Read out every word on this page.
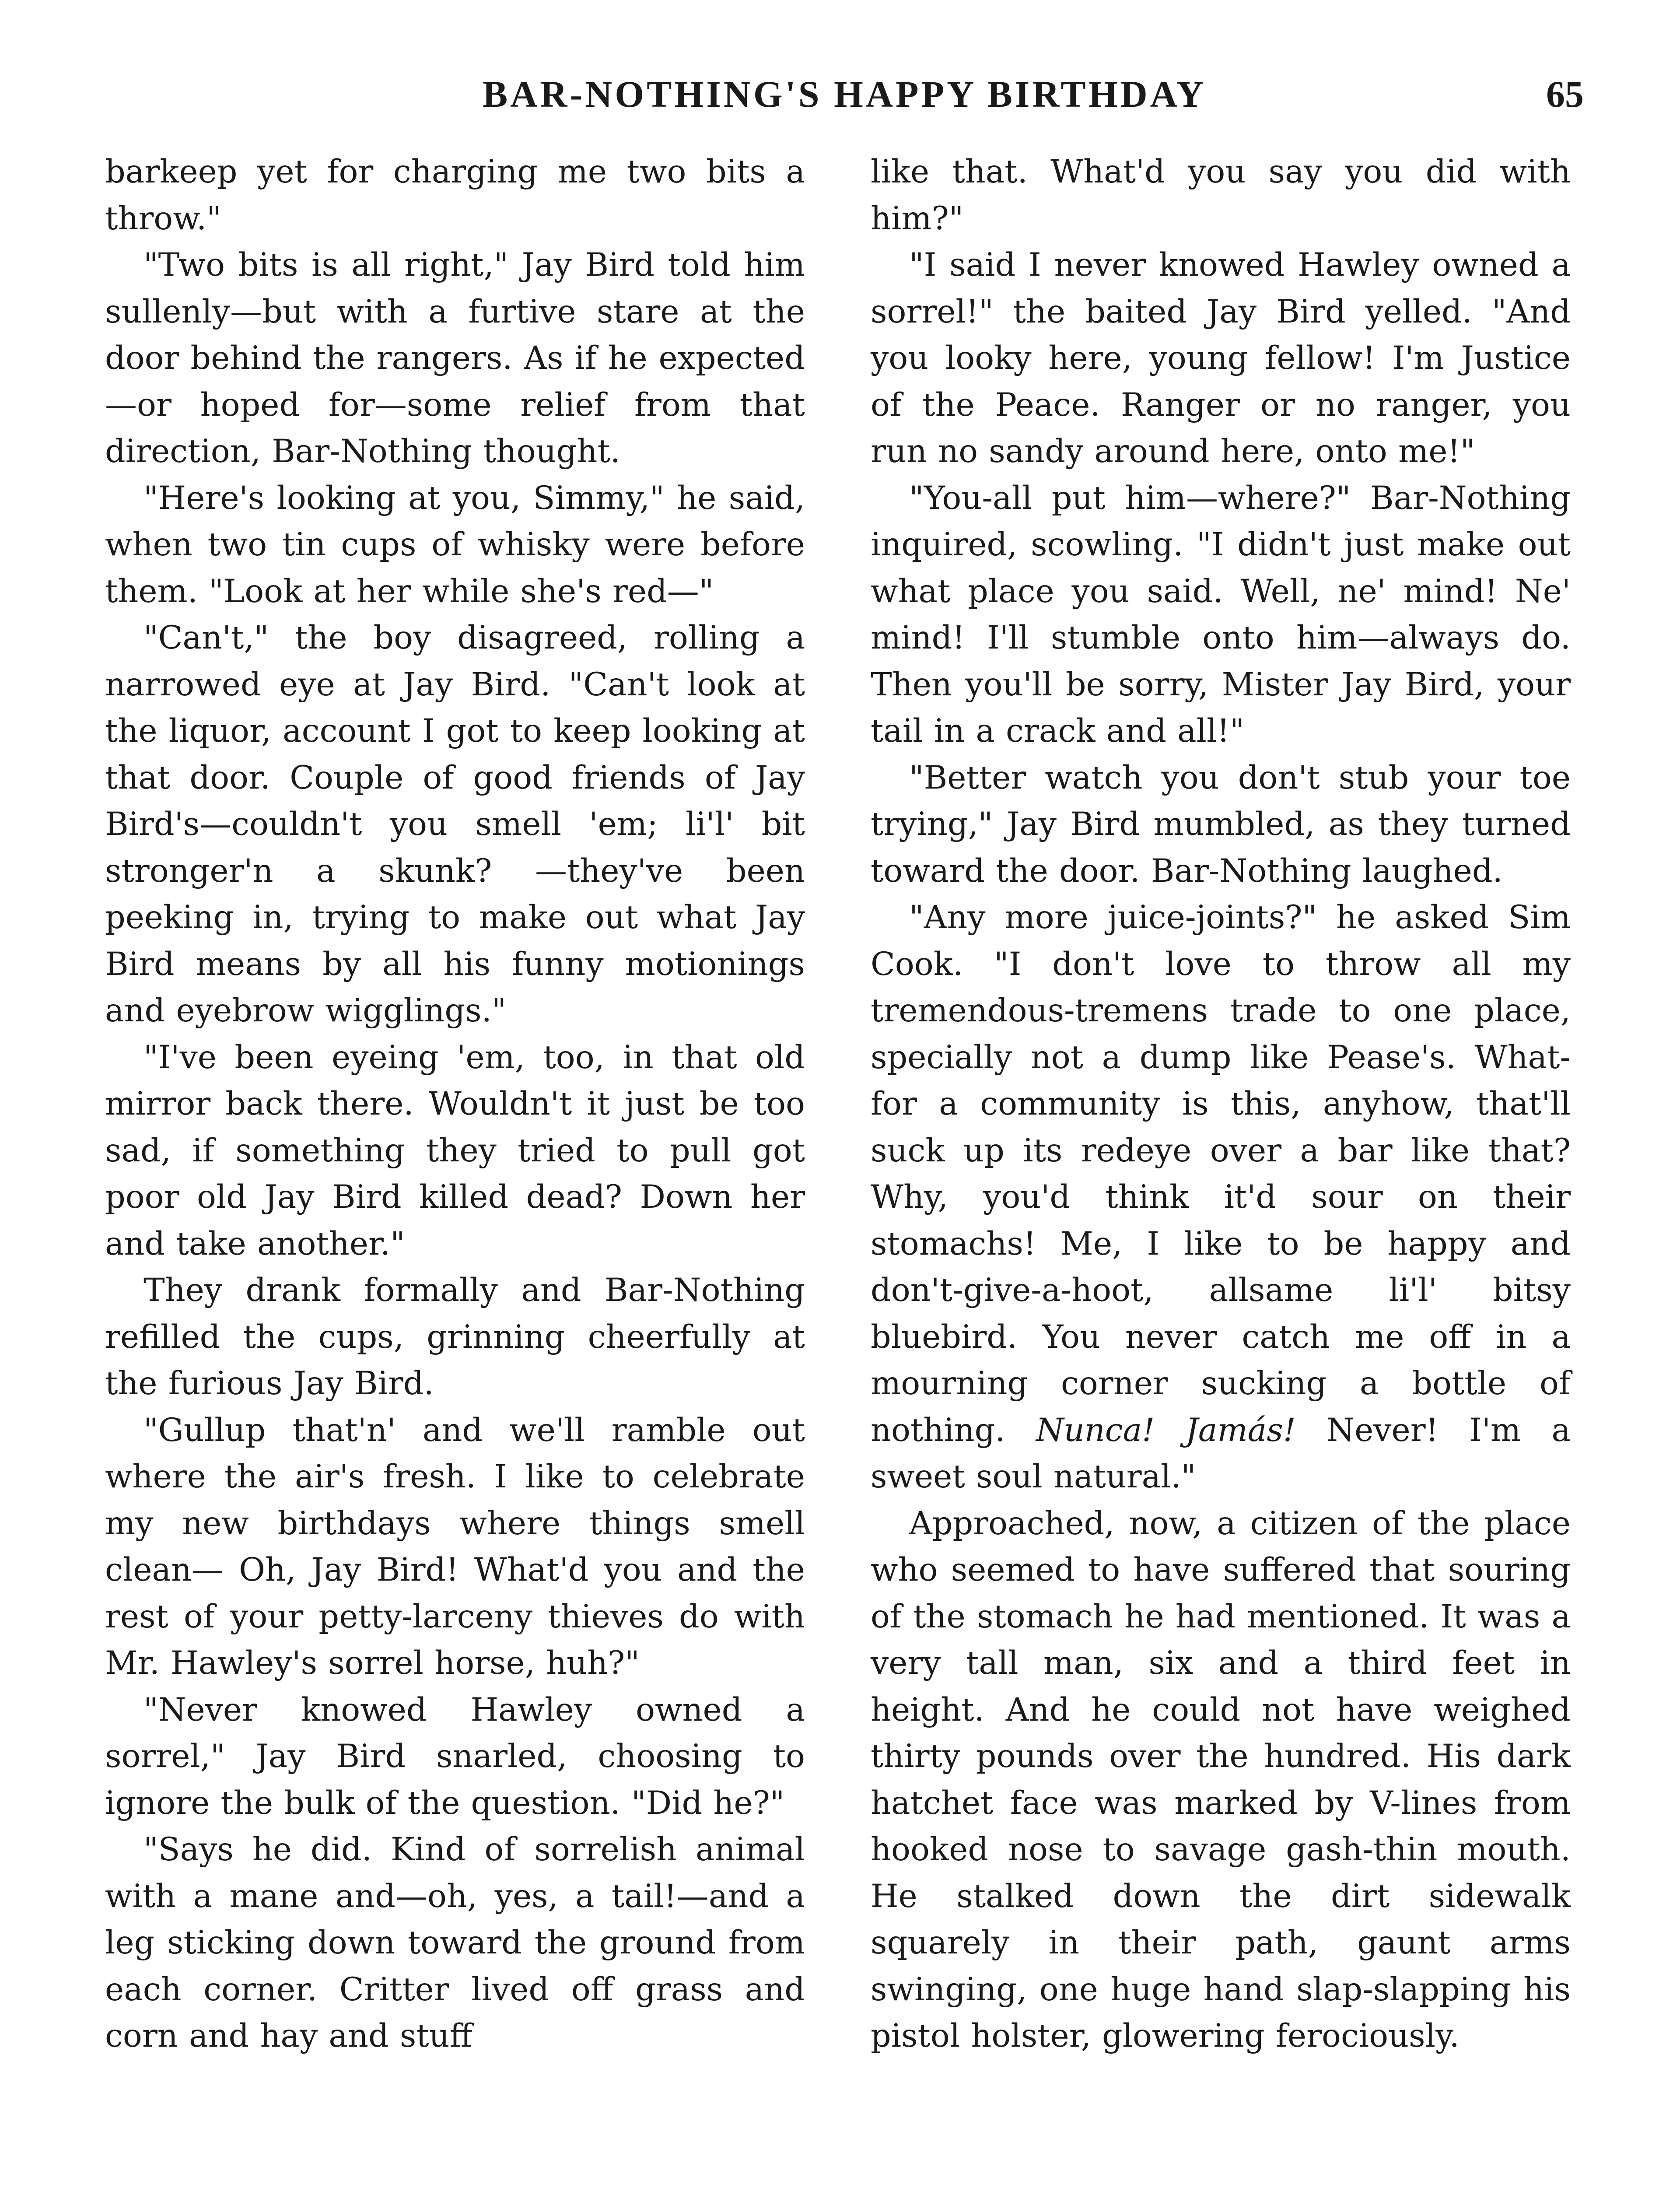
BAR-NOTHING'S HAPPY BIRTHDAY	65

barkeep yet for charging me two bits a throw."

"Two bits is all right," Jay Bird told him sullenly—but with a furtive stare at the door behind the rangers. As if he expected—or hoped for—some relief from that direction, Bar-Nothing thought.

"Here's looking at you, Simmy," he said, when two tin cups of whisky were before them. "Look at her while she's red—"

"Can't," the boy disagreed, rolling a narrowed eye at Jay Bird. "Can't look at the liquor, account I got to keep looking at that door. Couple of good friends of Jay Bird's—couldn't you smell 'em; li'l' bit stronger'n a skunk? —they've been peeking in, trying to make out what Jay Bird means by all his funny motionings and eyebrow wigglings."

"I've been eyeing 'em, too, in that old mirror back there. Wouldn't it just be too sad, if something they tried to pull got poor old Jay Bird killed dead? Down her and take another."

They drank formally and Bar-Nothing refilled the cups, grinning cheerfully at the furious Jay Bird.

"Gullup that'n' and we'll ramble out where the air's fresh. I like to celebrate my new birthdays where things smell clean— Oh, Jay Bird! What'd you and the rest of your petty-larceny thieves do with Mr. Hawley's sorrel horse, huh?"

"Never knowed Hawley owned a sorrel," Jay Bird snarled, choosing to ignore the bulk of the question. "Did he?"

"Says he did. Kind of sorrelish animal with a mane and—oh, yes, a tail!—and a leg sticking down toward the ground from each corner. Critter lived off grass and corn and hay and stuff

like that. What'd you say you did with him?"

"I said I never knowed Hawley owned a sorrel!" the baited Jay Bird yelled. "And you looky here, young fellow! I'm Justice of the Peace. Ranger or no ranger, you run no sandy around here, onto me!"

"You-all put him—where?" Bar-Nothing inquired, scowling. "I didn't just make out what place you said. Well, ne' mind! Ne' mind! I'll stumble onto him—always do. Then you'll be sorry, Mister Jay Bird, your tail in a crack and all!"

"Better watch you don't stub your toe trying," Jay Bird mumbled, as they turned toward the door. Bar-Nothing laughed.

"Any more juice-joints?" he asked Sim Cook. "I don't love to throw all my tremendous-tremens trade to one place, specially not a dump like Pease's. What-for a community is this, anyhow, that'll suck up its redeye over a bar like that? Why, you'd think it'd sour on their stomachs! Me, I like to be happy and don't-give-a-hoot, allsame li'l' bitsy bluebird. You never catch me off in a mourning corner sucking a bottle of nothing. Nunca! Jamás! Never! I'm a sweet soul natural."

Approached, now, a citizen of the place who seemed to have suffered that souring of the stomach he had mentioned. It was a very tall man, six and a third feet in height. And he could not have weighed thirty pounds over the hundred. His dark hatchet face was marked by V-lines from hooked nose to savage gash-thin mouth. He stalked down the dirt sidewalk squarely in their path, gaunt arms swinging, one huge hand slap-slapping his pistol holster, glowering ferociously.
